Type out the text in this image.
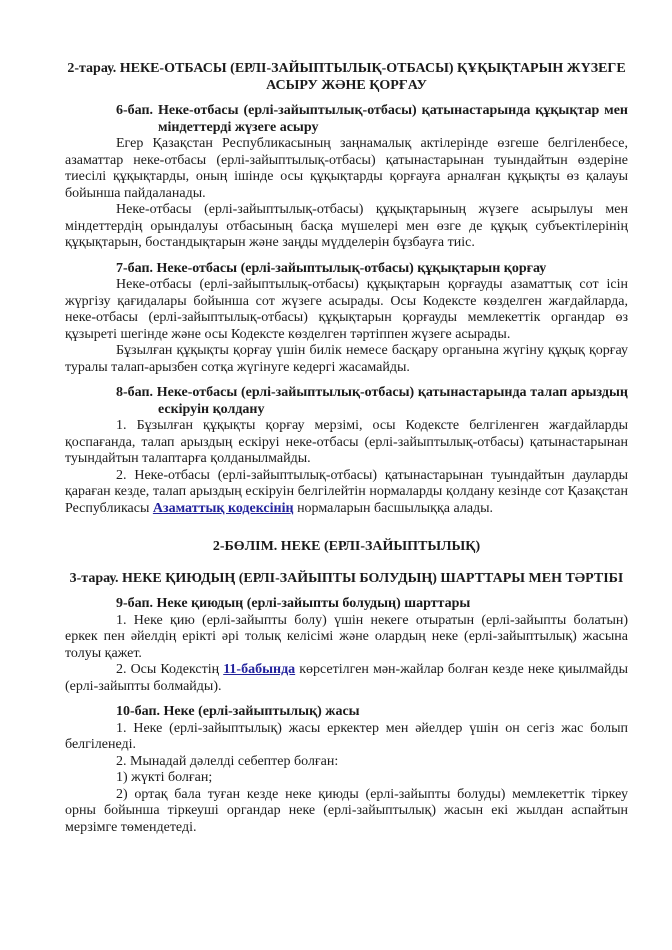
2-тарау. НЕКЕ-ОТБАСЫ (ЕРЛІ-ЗАЙЫПТЫЛЫҚ-ОТБАСЫ) ҚҰҚЫҚТАРЫН ЖҮЗЕГЕ АСЫРУ ЖӘНЕ ҚОРҒАУ

6-бап. Неке-отбасы (ерлі-зайыптылық-отбасы) қатынастарында құқықтар мен міндеттерді жүзеге асыру

Егер Қазақстан Республикасының заңнамалық актілерінде өзгеше белгіленбесе, азаматтар неке-отбасы (ерлі-зайыптылық-отбасы) қатынастарынан туындайтын өздеріне тиесілі құқықтарды, оның ішінде осы құқықтарды қорғауға арналған құқықты өз қалауы бойынша пайдаланады.

Неке-отбасы (ерлі-зайыптылық-отбасы) құқықтарының жүзеге асырылуы мен міндеттердің орындалуы отбасының басқа мүшелері мен өзге де құқық субъектілерінің құқықтарын, бостандықтарын және заңды мүдделерін бұзбауға тиіс.

7-бап. Неке-отбасы (ерлі-зайыптылық-отбасы) құқықтарын қорғау

Неке-отбасы (ерлі-зайыптылық-отбасы) құқықтарын қорғауды азаматтық сот ісін жүргізу қағидалары бойынша сот жүзеге асырады. Осы Кодексте көзделген жағдайларда, неке-отбасы (ерлі-зайыптылық-отбасы) құқықтарын қорғауды мемлекеттік органдар өз құзыреті шегінде және осы Кодексте көзделген тәртіппен жүзеге асырады.

Бұзылған құқықты қорғау үшін билік немесе басқару органына жүгіну құқық қорғау туралы талап-арызбен сотқа жүгінуге кедергі жасамайды.

8-бап. Неке-отбасы (ерлі-зайыптылық-отбасы) қатынастарында талап арыздың ескіруін қолдану

1. Бұзылған құқықты қорғау мерзімі, осы Кодексте белгіленген жағдайларды қоспағанда, талап арыздың ескіруі неке-отбасы (ерлі-зайыптылық-отбасы) қатынастарынан туындайтын талаптарға қолданылмайды.

2. Неке-отбасы (ерлі-зайыптылық-отбасы) қатынастарынан туындайтын дауларды қараған кезде, талап арыздың ескіруін белгілейтін нормаларды қолдану кезінде сот Қазақстан Республикасы Азаматтық кодексінің нормаларын басшылыққа алады.

2-БӨЛІМ. НЕКЕ (ЕРЛІ-ЗАЙЫПТЫЛЫҚ)

3-тарау. НЕКЕ ҚИЮДЫҢ (ЕРЛІ-ЗАЙЫПТЫ БОЛУДЫҢ) ШАРТТАРЫ МЕН ТӘРТІБІ

9-бап. Неке қиюдың (ерлі-зайыпты болудың) шарттары

1. Неке қию (ерлі-зайыпты болу) үшін некеге отыратын (ерлі-зайыпты болатын) еркек пен әйелдің ерікті әрі толық келісімі және олардың неке (ерлі-зайыптылық) жасына толуы қажет.

2. Осы Кодекстің 11-бабында көрсетілген мән-жайлар болған кезде неке қиылмайды (ерлі-зайыпты болмайды).

10-бап. Неке (ерлі-зайыптылық) жасы

1. Неке (ерлі-зайыптылық) жасы еркектер мен әйелдер үшін он сегіз жас болып белгіленеді.

2. Мынадай дәлелді себептер болған:

1) жүкті болған;

2) ортақ бала туған кезде неке қиюды (ерлі-зайыпты болуды) мемлекеттік тіркеу орны бойынша тіркеуші органдар неке (ерлі-зайыптылық) жасын екі жылдан аспайтын мерзімге төмендетеді.
